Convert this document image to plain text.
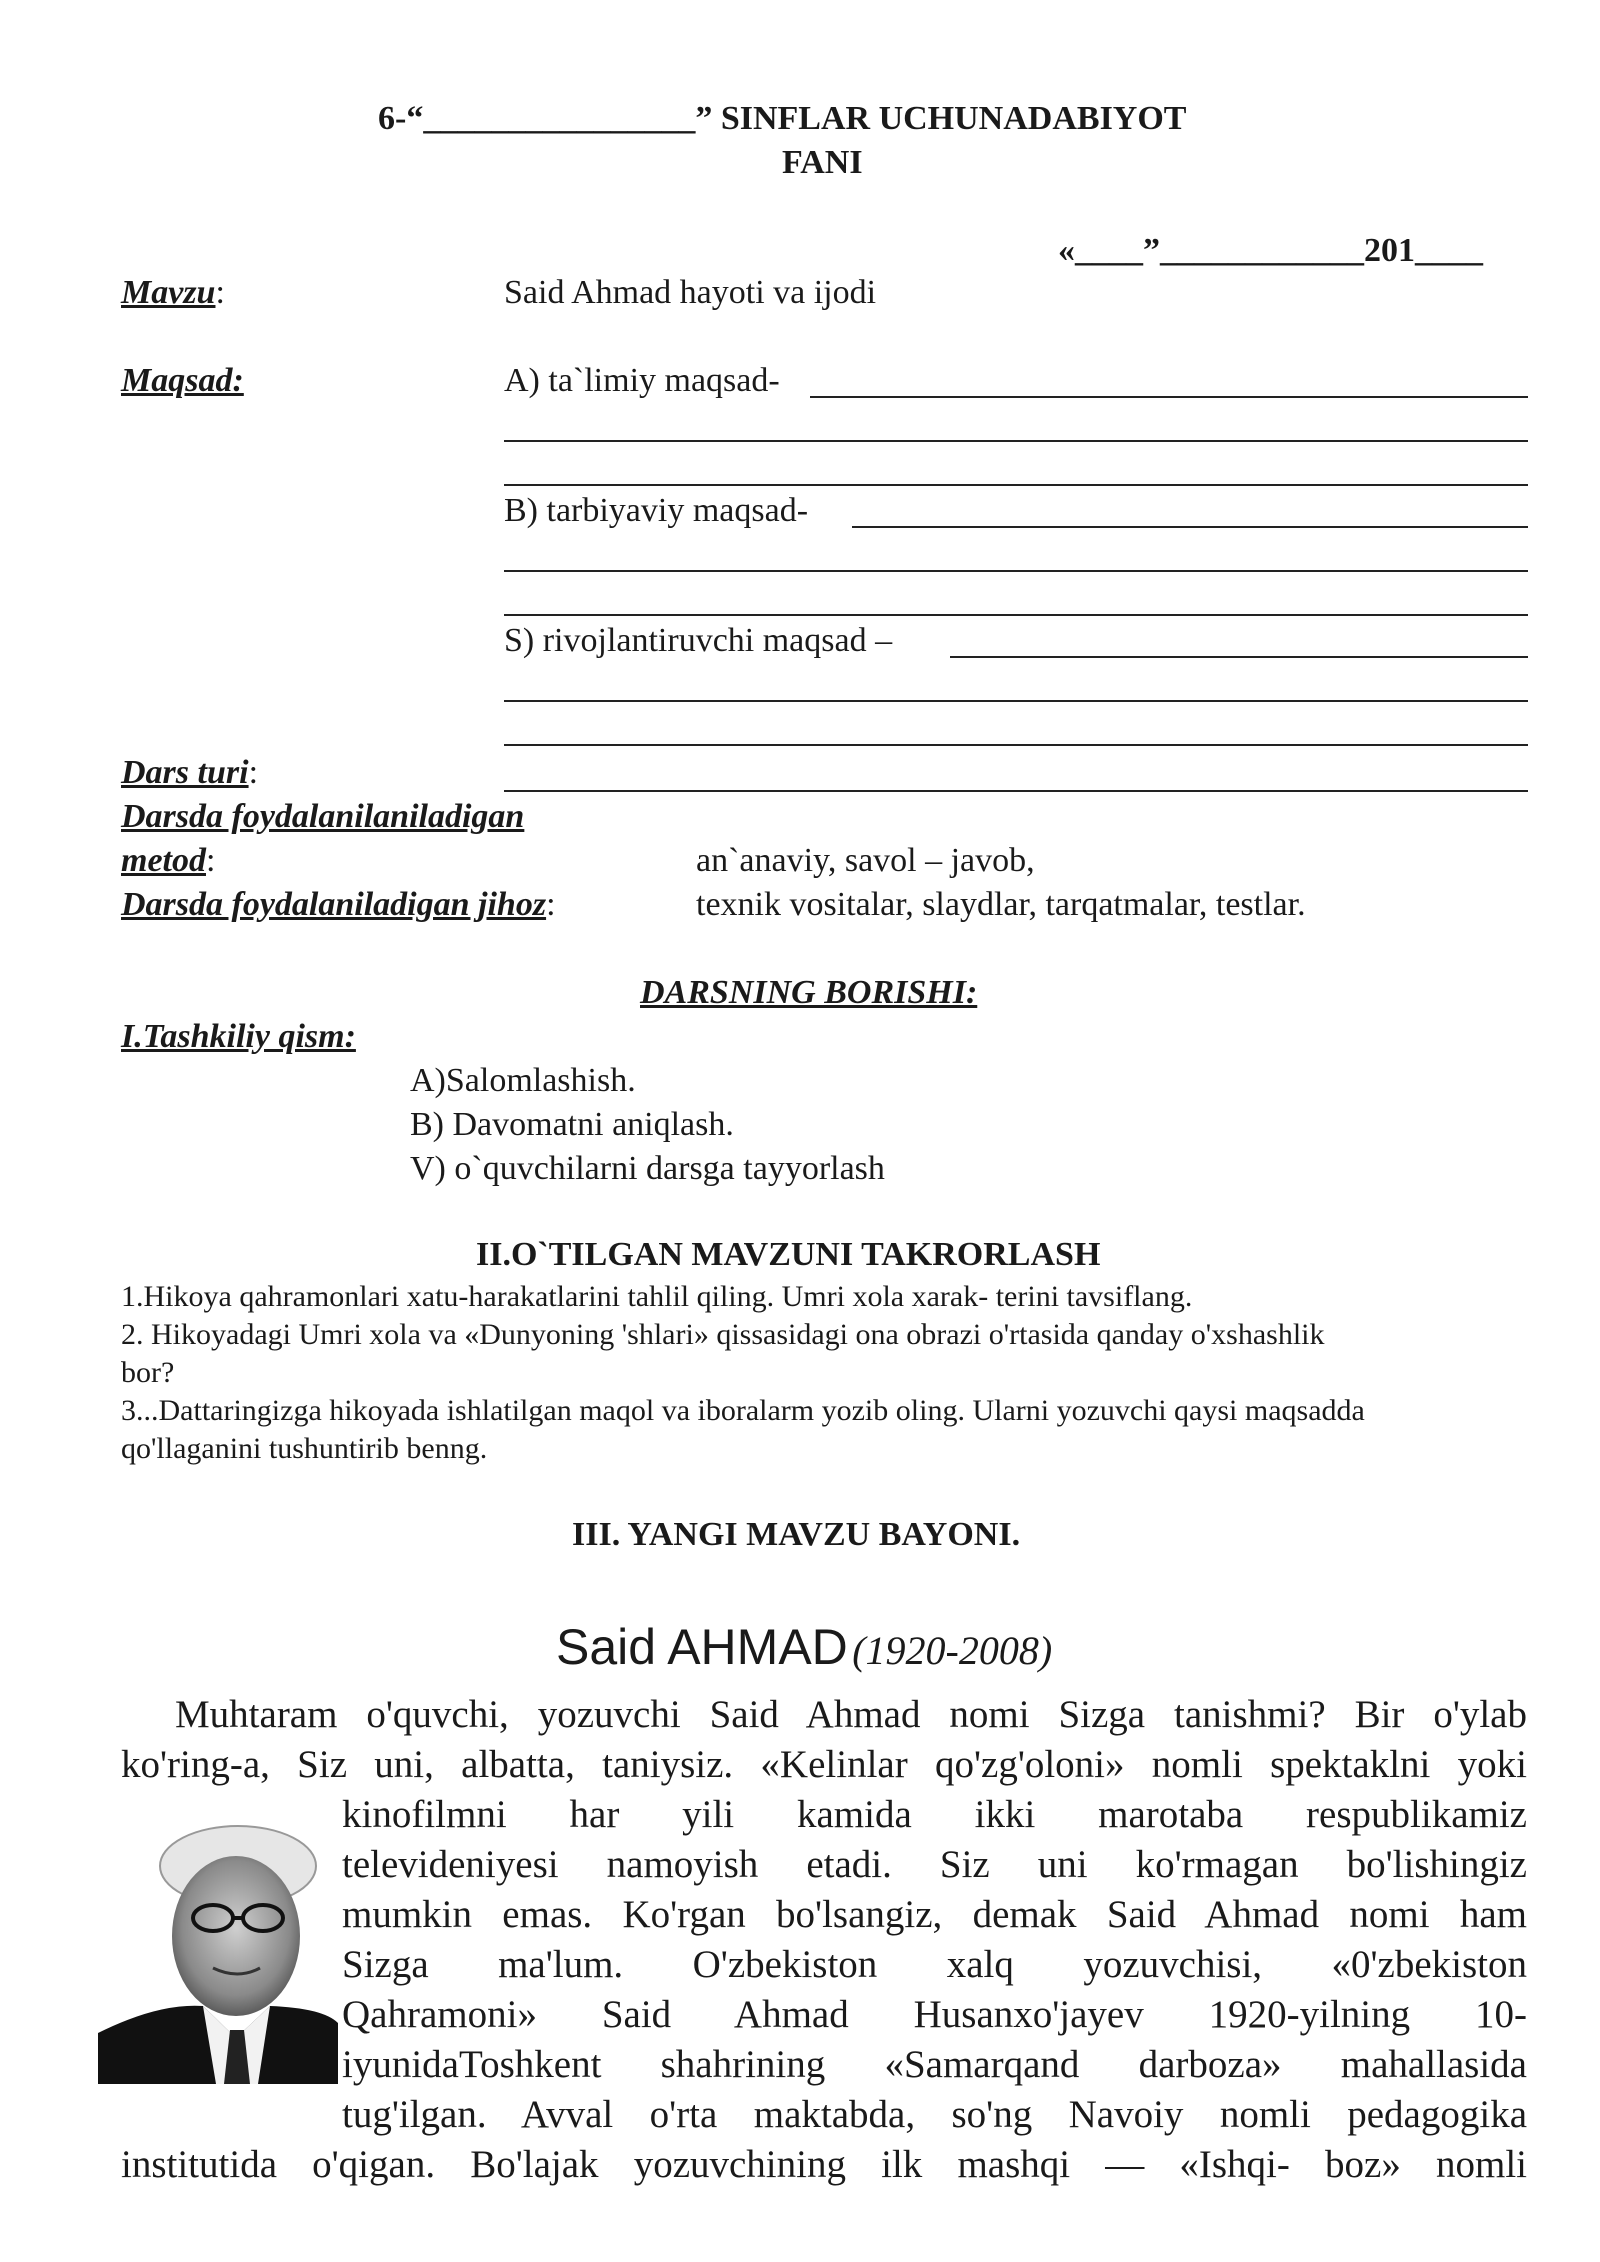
6-“________________” SINFLAR UCHUNADABIYOT
FANI
«____”____________201____
Mavzu:	Said Ahmad hayoti va ijodi
Maqsad:	A) ta`limiy maqsad-
B) tarbiyaviy maqsad-
S) rivojlantiruvchi maqsad –
Dars turi:
Darsda foydalanilaniladigan
metod:	an`anaviy, savol – javob,
Darsda foydalaniladigan jihoz:	texnik vositalar, slaydlar, tarqatmalar, testlar.
DARSNING BORISHI:
I.Tashkiliy qism:
A)Salomlashish.
B) Davomatni aniqlash.
V) o`quvchilarni darsga tayyorlash
II.O`TILGAN MAVZUNI TAKRORLASH
1.Hikoya qahramonlari xatu-harakatlarini tahlil qiling. Umri xola xarak- terini tavsiflang.
2. Hikoyadagi Umri xola va «Dunyoning 'shlari» qissasidagi ona obrazi o'rtasida qanday o'xshashlik
bor?
3...Dattaringizga hikoyada ishlatilgan maqol va iboralarm yozib oling. Ularni yozuvchi qaysi maqsadda
qo'llaganini tushuntirib benng.
III. YANGI MAVZU BAYONI.
Said AHMAD (1920-2008)
Muhtaram o'quvchi, yozuvchi Said Ahmad nomi Sizga tanishmi? Bir o'ylab
ko'ring-a, Siz uni, albatta, taniysiz. «Kelinlar qo'zg'oloni» nomli spektaklni yoki
kinofilmni har yili kamida ikki marotaba respublikamiz
televideniyesi namoyish etadi. Siz uni ko'rmagan bo'lishingiz
mumkin emas. Ko'rgan bo'lsangiz, demak Said Ahmad nomi ham
Sizga ma'lum. O'zbekiston xalq yozuvchisi, «0'zbekiston
Qahramoni» Said Ahmad Husanxo'jayev 1920-yilning 10-
iyunidaToshkent shahrining «Samarqand darboza» mahallasida
tug'ilgan. Avval o'rta maktabda, so'ng Navoiy nomli pedagogika
institutida o'qigan. Bo'lajak yozuvchining ilk mashqi — «Ishqi- boz» nomli
